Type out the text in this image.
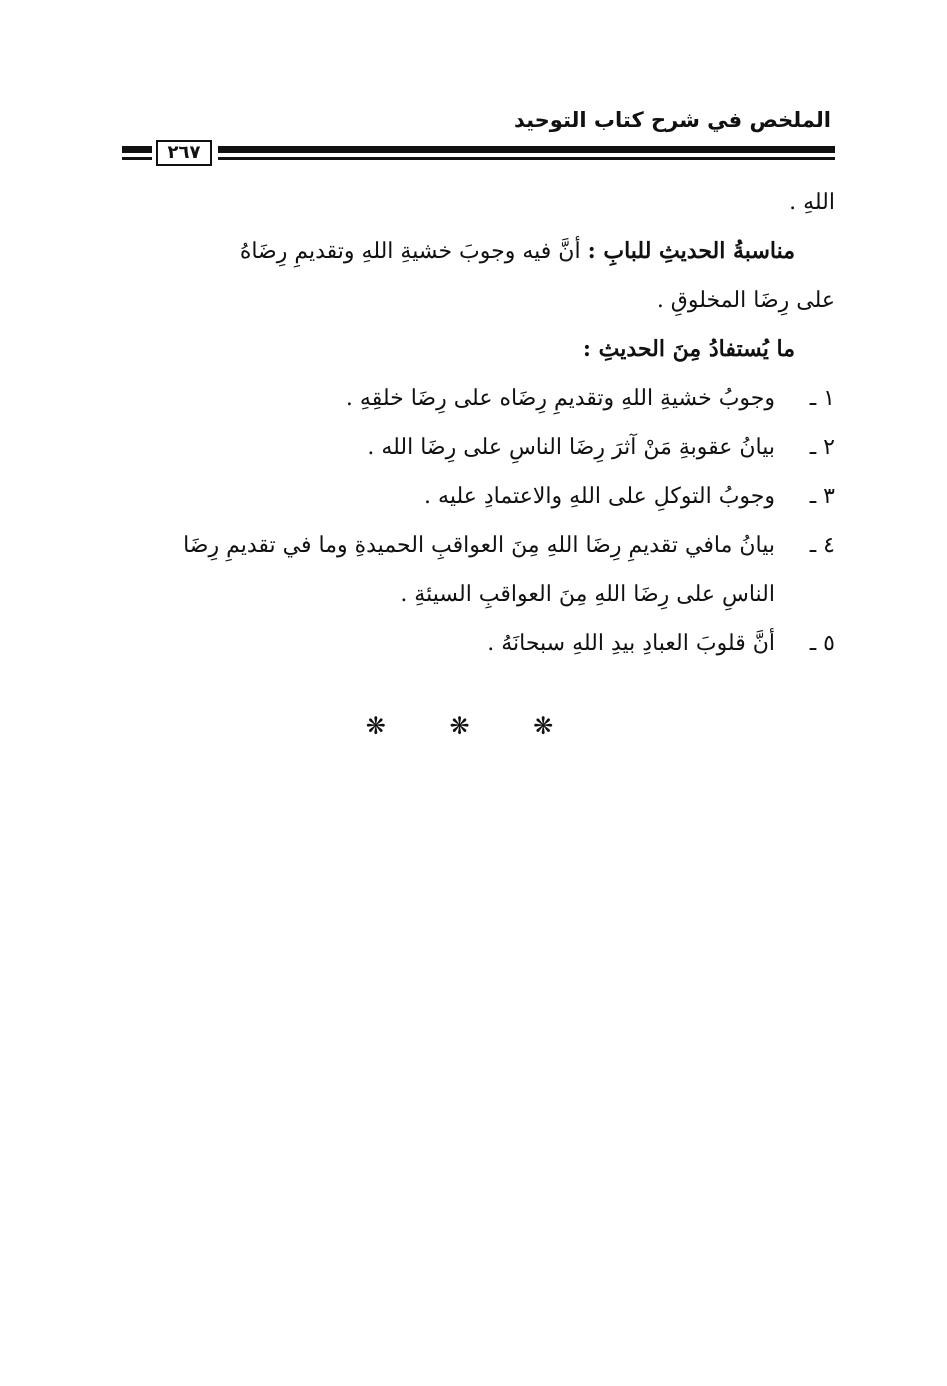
الملخص في شرح كتاب التوحيد
٢٦٧
اللهِ .
مناسبةُ الحديثِ للبابِ : أنَّ فيه وجوبَ خشيةِ اللهِ وتقديمِ رِضَاهُ
على رِضَا المخلوقِ .
ما يُستفادُ مِنَ الحديثِ :
١ ـ
وجوبُ خشيةِ اللهِ وتقديمِ رِضَاه على رِضَا خلقِهِ .
٢ ـ
بيانُ عقوبةِ مَنْ آثرَ رِضَا الناسِ على رِضَا الله .
٣ ـ
وجوبُ التوكلِ على اللهِ والاعتمادِ عليه .
٤ ـ
بيانُ مافي تقديمِ رِضَا اللهِ مِنَ العواقبِ الحميدةِ وما في تقديمِ رِضَا
الناسِ على رِضَا اللهِ مِنَ العواقبِ السيئةِ .
٥ ـ
أنَّ قلوبَ العبادِ بيدِ اللهِ سبحانَهُ .
❋ ❋ ❋
